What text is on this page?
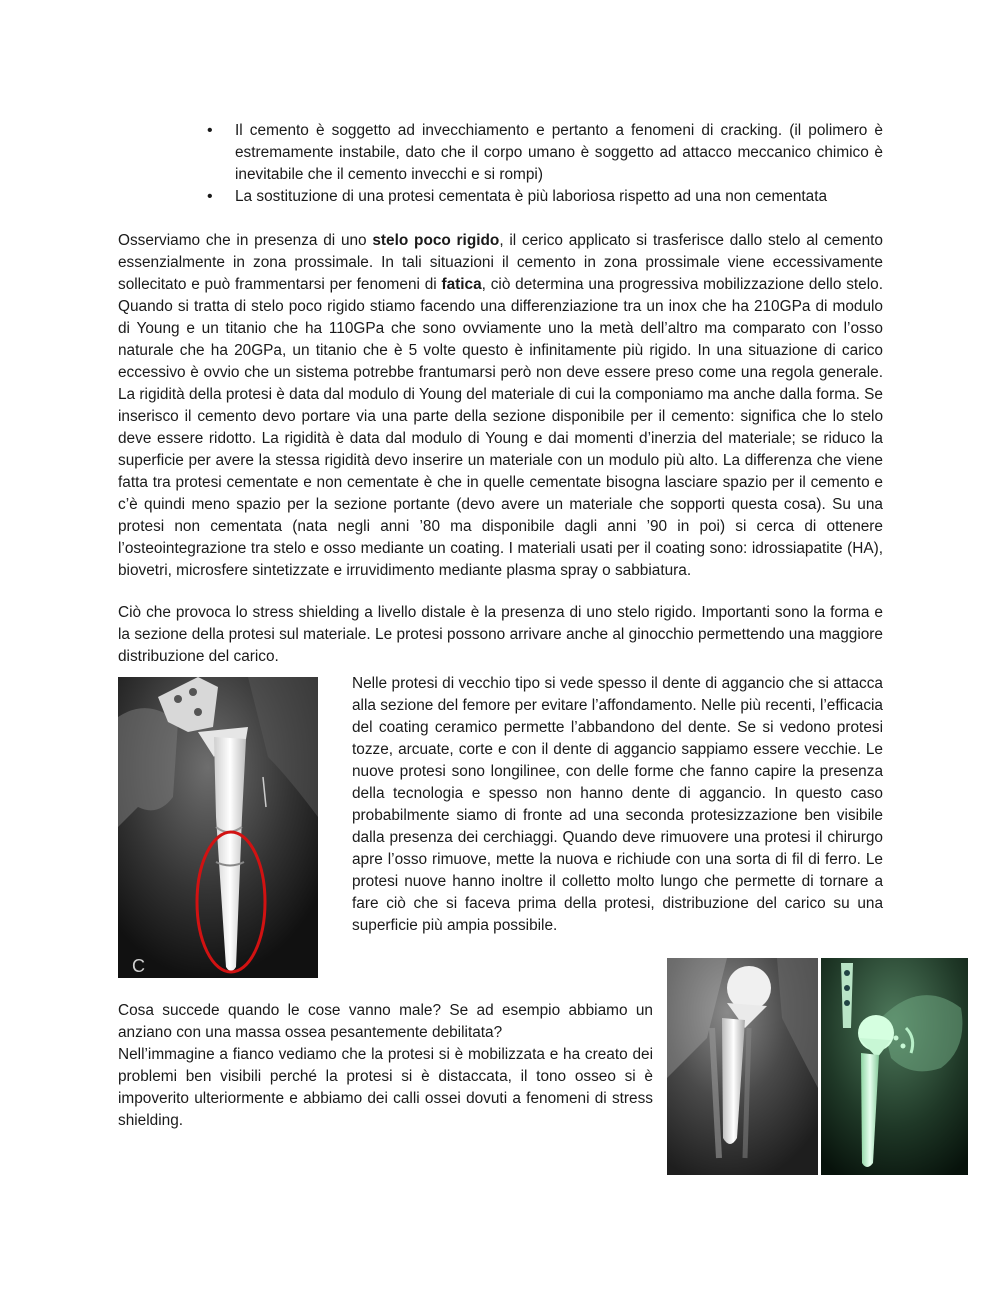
• Il cemento è soggetto ad invecchiamento e pertanto a fenomeni di cracking. (il polimero è estremamente instabile, dato che il corpo umano è soggetto ad attacco meccanico chimico è inevitabile che il cemento invecchi e si rompi)
• La sostituzione di una protesi cementata è più laboriosa rispetto ad una non cementata

Osserviamo che in presenza di uno stelo poco rigido, il cerico applicato si trasferisce dallo stelo al cemento essenzialmente in zona prossimale. In tali situazioni il cemento in zona prossimale viene eccessivamente sollecitato e può frammentarsi per fenomeni di fatica, ciò determina una progressiva mobilizzazione dello stelo. Quando si tratta di stelo poco rigido stiamo facendo una differenziazione tra un inox che ha 210GPa di modulo di Young e un titanio che ha 110GPa che sono ovviamente uno la metà dell’altro ma comparato con l’osso naturale che ha 20GPa, un titanio che è 5 volte questo è infinitamente più rigido. In una situazione di carico eccessivo è ovvio che un sistema potrebbe frantumarsi però non deve essere preso come una regola generale. La rigidità della protesi è data dal modulo di Young del materiale di cui la componiamo ma anche dalla forma. Se inserisco il cemento devo portare via una parte della sezione disponibile per il cemento: significa che lo stelo deve essere ridotto. La rigidità è data dal modulo di Young e dai momenti d’inerzia del materiale; se riduco la superficie per avere la stessa rigidità devo inserire un materiale con un modulo più alto. La differenza che viene fatta tra protesi cementate e non cementate è che in quelle cementate bisogna lasciare spazio per il cemento e c’è quindi meno spazio per la sezione portante (devo avere un materiale che sopporti questa cosa). Su una protesi non cementata (nata negli anni ’80 ma disponibile dagli anni ’90 in poi) si cerca di ottenere l’osteointegrazione tra stelo e osso mediante un coating. I materiali usati per il coating sono: idrossiapatite (HA), biovetri, microsfere sintetizzate e irruvidimento mediante plasma spray o sabbiatura.

Ciò che provoca lo stress shielding a livello distale è la presenza di uno stelo rigido. Importanti sono la forma e la sezione della protesi sul materiale. Le protesi possono arrivare anche al ginocchio permettendo una maggiore distribuzione del carico.

C

Nelle protesi di vecchio tipo si vede spesso il dente di aggancio che si attacca alla sezione del femore per evitare l’affondamento. Nelle più recenti, l’efficacia del coating ceramico permette l’abbandono del dente. Se si vedono protesi tozze, arcuate, corte e con il dente di aggancio sappiamo essere vecchie. Le nuove protesi sono longilinee, con delle forme che fanno capire la presenza della tecnologia e spesso non hanno dente di aggancio. In questo caso probabilmente siamo di fronte ad una seconda protesizzazione ben visibile dalla presenza dei cerchiaggi. Quando deve rimuovere una protesi il chirurgo apre l’osso rimuove, mette la nuova e richiude con una sorta di fil di ferro. Le protesi nuove hanno inoltre il colletto molto lungo che permette di tornare a fare ciò che si faceva prima della protesi, distribuzione del carico su una superficie più ampia possibile.

Cosa succede quando le cose vanno male? Se ad esempio abbiamo un anziano con una massa ossea pesantemente debilitata?

Nell’immagine a fianco vediamo che la protesi si è mobilizzata e ha creato dei problemi ben visibili perché la protesi si è distaccata, il tono osseo si è impoverito ulteriormente e abbiamo dei calli ossei dovuti a fenomeni di stress shielding.
